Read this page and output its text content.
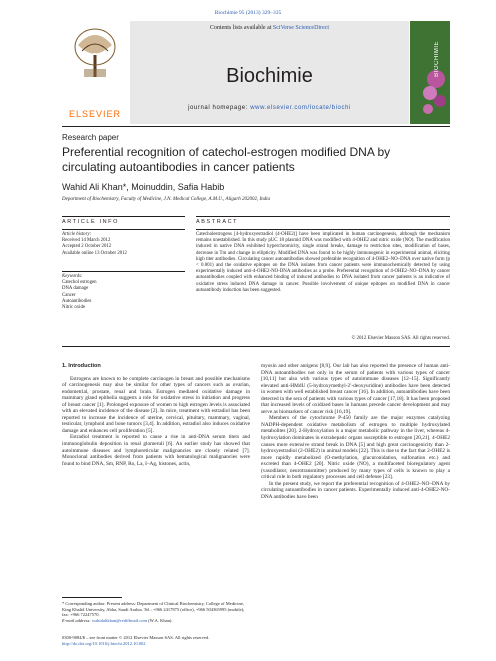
Biochimie 95 (2013) 329–335
ELSEVIER
Contents lists available at SciVerse ScienceDirect
Biochimie
journal homepage: www.elsevier.com/locate/biochi
BIOCHIMIE
Research paper
Preferential recognition of catechol-estrogen modified DNA by circulating autoantibodies in cancer patients
Wahid Ali Khan*, Moinuddin, Safia Habib
Department of Biochemistry, Faculty of Medicine, J.N. Medical College, A.M.U., Aligarh 202002, India
ARTICLE INFO
Article history:
Received 14 March 2012
Accepted 2 October 2012
Available online 13 October 2012
Keywords:
Catechol estrogen
DNA damage
Cancer
Autoantibodies
Nitric oxide
ABSTRACT
Catecholestrogens [4-hydroxyestradiol (4-OHE2)] have been implicated in human carcinogenesis, although the mechanism remains unestablished. In this study pUC 18 plasmid DNA was modified with 4-OHE2 and nitric oxide (NO). The modification induced in native DNA exhibited hyperchromicity, single strand breaks, damage to restriction sites, modification of bases, decrease in Tm and change in ellipticity. Modified DNA was found to be highly immunogenic in experimental animal, eliciting high titer antibodies. Circulating cancer autoantibodies showed preferable recognition of 4-OHE2–NO–DNA over native form (p < 0.001) and the oxidative epitopes on the DNA isolates from cancer patients were immunochemically detected by using experimentally induced anti-4-OHE2-NO-DNA antibodies as a probe. Preferential recognition of 4-OHE2–NO–DNA by cancer autoantibodies coupled with enhanced binding of induced antibodies to DNA isolated from cancer patients is an indicative of oxidative stress induced DNA damage in cancer. Possible involvement of unique epitopes on modified DNA in cancer autoantibody induction has been suggested.
© 2012 Elsevier Masson SAS. All rights reserved.
1. Introduction

Estrogens are known to be complete carcinogen in breast and possible mechanisms of carcinogenesis may also be similar for other types of cancers such as ovarian, endometrial, prostate, renal and brain. Estrogen mediated oxidative damage in mammary gland epithelia suggests a role for oxidative stress in initiation and progress of breast cancer [1]. Prolonged exposure of women to high estrogen levels is associated with an elevated incidence of the disease [2]. In mice, treatment with estradiol has been reported to increase the incidence of uterine, cervical, pituitary, mammary, vaginal, testicular, lymphoid and bone tumors [3,4]. In addition, estradiol also induces oxidative damage and enhances cell proliferation [5].

Estradiol treatment is reported to cause a rise in anti-DNA serum titers and immunoglobulin deposition in renal glomeruli [6]. An earlier study has showed that autoimmune diseases and lymphoreticular malignancies are closely related [7]. Monoclonal antibodies derived from patients with hematological malignancies were found to bind DNA, Sm, RNP, Ro, La, I–Ag, histones, actin,

myosin and other antigens [8,9]. Our lab has also reported the presence of human anti-DNA autoantibodies not only in the serum of patients with various types of cancer [10,11] but also with various types of autoimmune diseases [12–15]. Significantly elevated anti-HMdU (5-hydroxymethyl-2′-deoxyuridine) antibodies have been detected in women with well established breast cancer [16]. In addition, autoantibodies have been detected in the sera of patients with various types of cancer [17,18]. It has been proposed that increased levels of oxidized bases in humans precede cancer development and may serve as biomarkers of cancer risk [16,19].

Members of the cytochrome P-450 family are the major enzymes catalyzing NADPH-dependent oxidative metabolism of estrogen to multiple hydroxylated metabolites [20]. 2-Hydroxylation is a major metabolic pathway in the liver, whereas 4-hydroxylation dominates in extrahepatic organs susceptible to estrogen [20,21]. 4-OHE2 causes more extensive strand break in DNA [5] and high great carcinogenicity than 2-hydroxyestradiol (2-OHE2) in animal models [22]. This is due to the fact that 2-OHE2 is more rapidly metabolized (O-methylation, glucuronidation, sulfonation etc.) and excreted than 4-OHE2 [20]. Nitric oxide (NO), a multifaceted bioregulatory agent (vasodilator, neurotransmitter) produced by many types of cells is known to play a critical role in both regulatory processes and cell defense [23].

In the present study, we report the preferential recognition of 4-OHE2–NO–DNA by circulating autoantibodies in cancer patients. Experimentally induced anti-4-OHE2-NO-DNA antibodies have been

* Corresponding author. Present address: Department of Clinical Biochemistry, College of Medicine, King Khalid University, Abha, Saudi Arabia. Tel.: +966 2417875 (office), +966 504365995 (mobile); fax: +966 72247570.
E-mail address: wahidalikhan@rediffmail.com (W.A. Khan).
0300-9084/$ – see front matter © 2012 Elsevier Masson SAS. All rights reserved.
http://dx.doi.org/10.1016/j.biochi.2012.10.002
